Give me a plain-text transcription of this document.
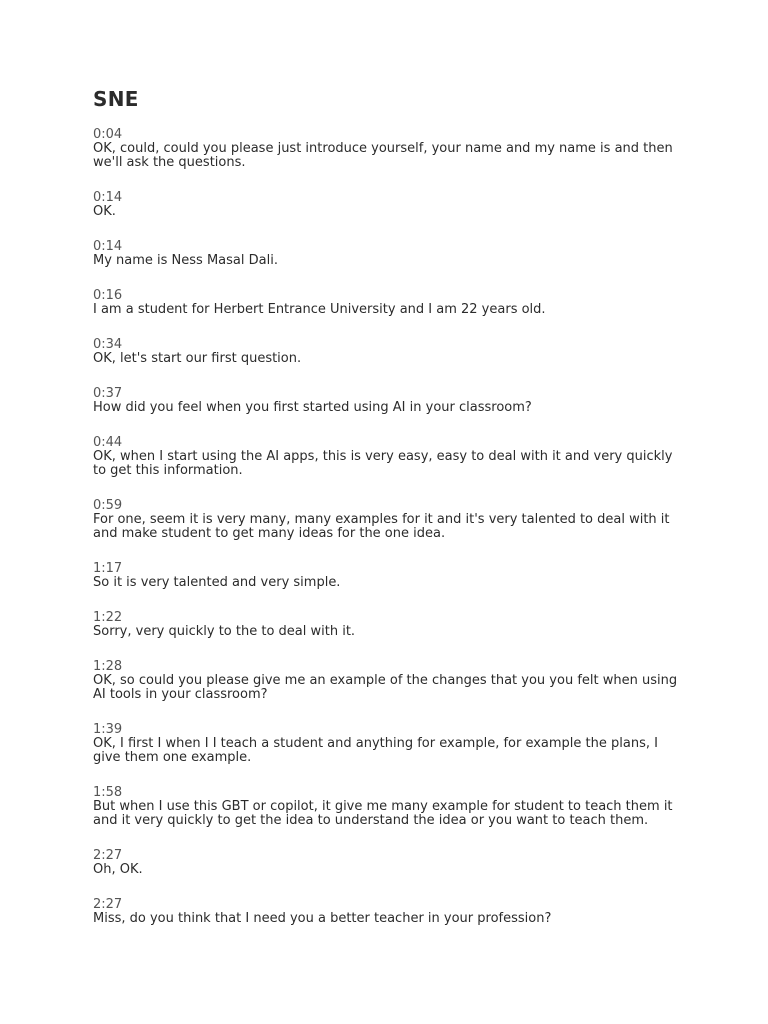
SNE
0:04
OK, could, could you please just introduce yourself, your name and my name is and then we'll ask the questions.
0:14
OK.
0:14
My name is Ness Masal Dali.
0:16
I am a student for Herbert Entrance University and I am 22 years old.
0:34
OK, let's start our first question.
0:37
How did you feel when you first started using AI in your classroom?
0:44
OK, when I start using the AI apps, this is very easy, easy to deal with it and very quickly to get this information.
0:59
For one, seem it is very many, many examples for it and it's very talented to deal with it and make student to get many ideas for the one idea.
1:17
So it is very talented and very simple.
1:22
Sorry, very quickly to the to deal with it.
1:28
OK, so could you please give me an example of the changes that you you felt when using AI tools in your classroom?
1:39
OK, I first I when I I teach a student and anything for example, for example the plans, I give them one example.
1:58
But when I use this GBT or copilot, it give me many example for student to teach them it and it very quickly to get the idea to understand the idea or you want to teach them.
2:27
Oh, OK.
2:27
Miss, do you think that I need you a better teacher in your profession?
